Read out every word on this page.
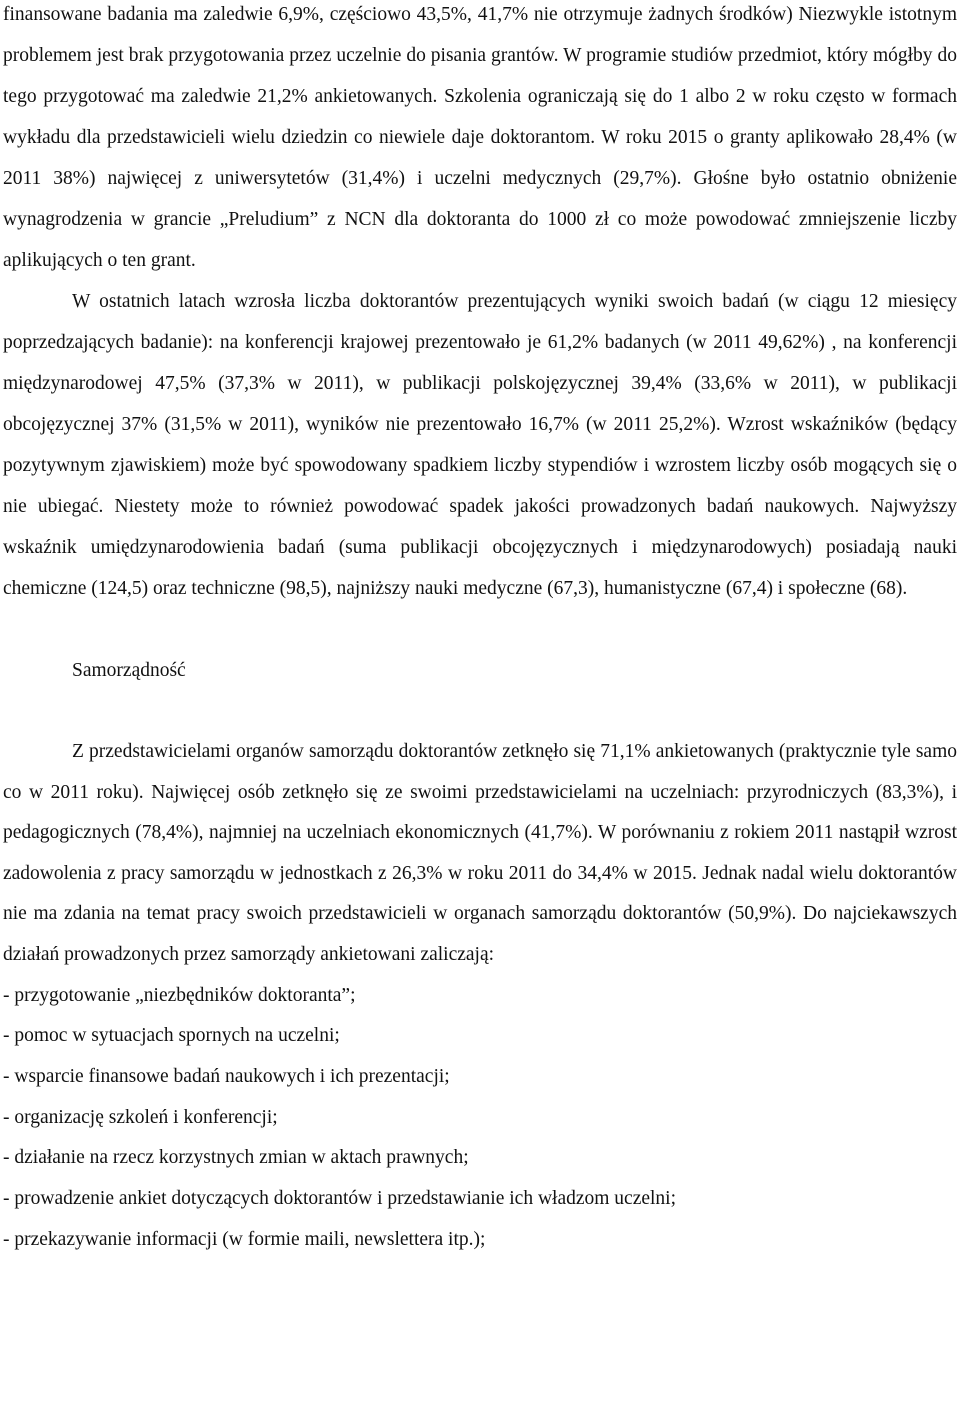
finansowane badania ma zaledwie 6,9%, częściowo 43,5%, 41,7% nie otrzymuje żadnych środków) Niezwykle istotnym problemem jest brak przygotowania przez uczelnie do pisania grantów. W programie studiów przedmiot, który mógłby do tego przygotować ma zaledwie 21,2% ankietowanych. Szkolenia ograniczają się do 1 albo 2 w roku często w formach wykładu dla przedstawicieli wielu dziedzin co niewiele daje doktorantom. W roku 2015 o granty aplikowało 28,4% (w 2011 38%) najwięcej z uniwersytetów (31,4%) i uczelni medycznych (29,7%). Głośne było ostatnio obniżenie wynagrodzenia w grancie „Preludium” z NCN dla doktoranta do 1000 zł co może powodować zmniejszenie liczby aplikujących o ten grant.

W ostatnich latach wzrosła liczba doktorantów prezentujących wyniki swoich badań (w ciągu 12 miesięcy poprzedzających badanie): na konferencji krajowej prezentowało je 61,2% badanych (w 2011 49,62%) , na konferencji międzynarodowej 47,5% (37,3% w 2011), w publikacji polskojęzycznej 39,4% (33,6% w 2011), w publikacji obcojęzycznej 37% (31,5% w 2011), wyników nie prezentowało 16,7% (w 2011 25,2%). Wzrost wskaźników (będący pozytywnym zjawiskiem) może być spowodowany spadkiem liczby stypendiów i wzrostem liczby osób mogących się o nie ubiegać. Niestety może to również powodować spadek jakości prowadzonych badań naukowych. Najwyższy wskaźnik umiędzynarodowienia badań (suma publikacji obcojęzycznych i międzynarodowych) posiadają nauki chemiczne (124,5) oraz techniczne (98,5), najniższy nauki medyczne (67,3), humanistyczne (67,4) i społeczne (68).

Samorządność

Z przedstawicielami organów samorządu doktorantów zetknęło się 71,1% ankietowanych (praktycznie tyle samo co w 2011 roku). Najwięcej osób zetknęło się ze swoimi przedstawicielami na uczelniach: przyrodniczych (83,3%), i pedagogicznych (78,4%), najmniej na uczelniach ekonomicznych (41,7%). W porównaniu z rokiem 2011 nastąpił wzrost zadowolenia z pracy samorządu w jednostkach z 26,3% w roku 2011 do 34,4% w 2015. Jednak nadal wielu doktorantów nie ma zdania na temat pracy swoich przedstawicieli w organach samorządu doktorantów (50,9%). Do najciekawszych działań prowadzonych przez samorządy ankietowani zaliczają:

- przygotowanie „niezbędników doktoranta”;
- pomoc w sytuacjach spornych na uczelni;
- wsparcie finansowe badań naukowych i ich prezentacji;
- organizację szkoleń i konferencji;
- działanie na rzecz korzystnych zmian w aktach prawnych;
- prowadzenie ankiet dotyczących doktorantów i przedstawianie ich władzom uczelni;
- przekazywanie informacji (w formie maili, newslettera itp.);
